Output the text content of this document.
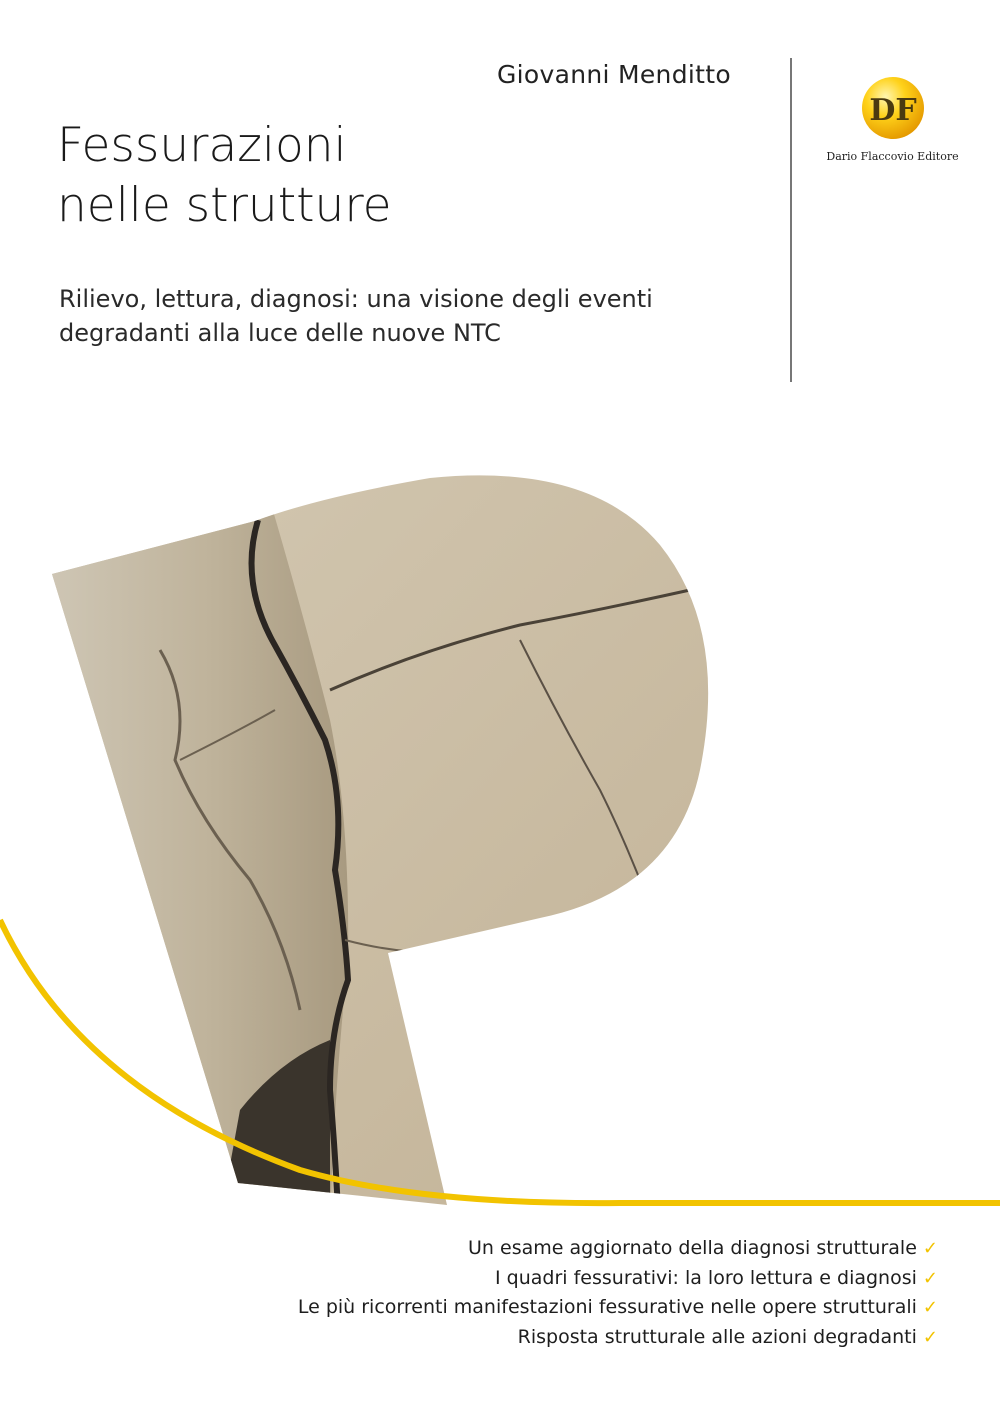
Giovanni Menditto
Fessurazioni
nelle strutture

Rilievo, lettura, diagnosi: una visione degli eventi
degradanti alla luce delle nuove NTC

DF
Dario Flaccovio Editore
Un esame aggiornato della diagnosi strutturale ✓
I quadri fessurativi: la loro lettura e diagnosi ✓
Le più ricorrenti manifestazioni fessurative nelle opere strutturali ✓
Risposta strutturale alle azioni degradanti ✓
